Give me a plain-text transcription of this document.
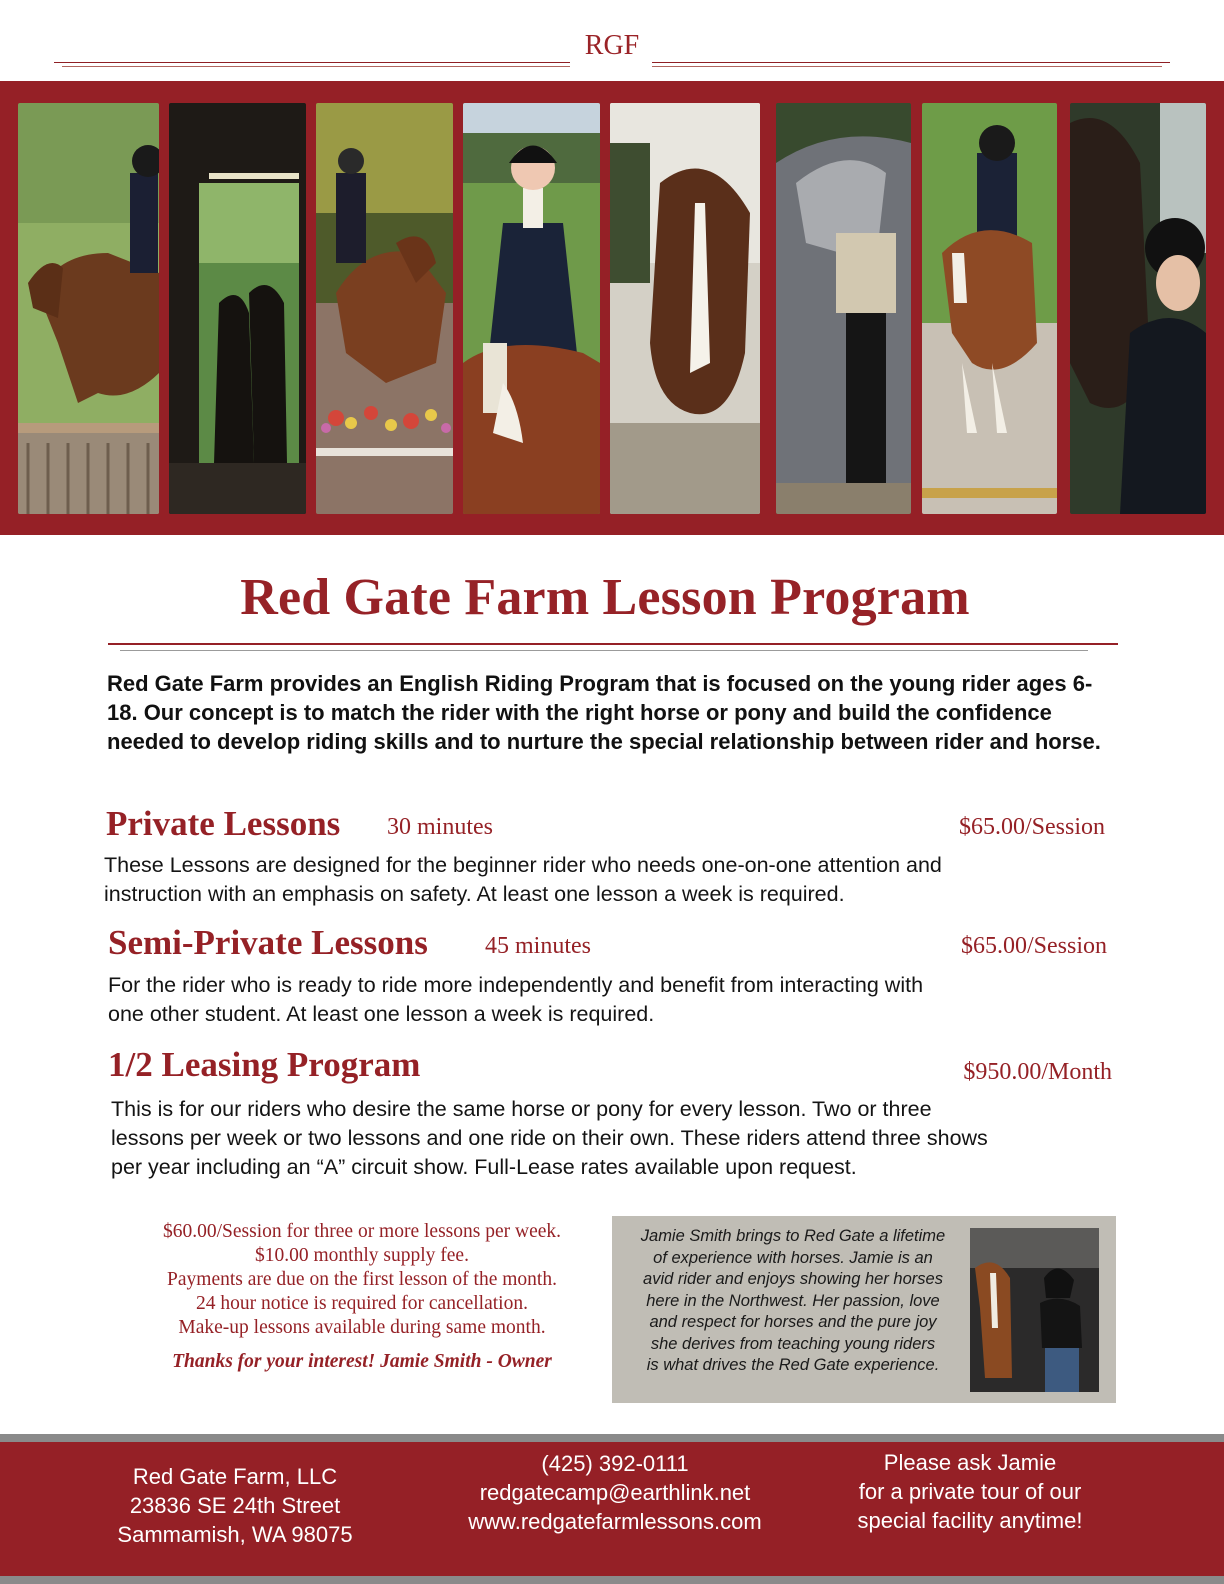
RGF
Red Gate Farm Lesson Program
Red Gate Farm provides an English Riding Program that is focused on the young rider ages 6-18. Our concept is to match the rider with the right horse or pony and build the confidence needed to develop riding skills and to nurture the special relationship between rider and horse.
Private Lessons 30 minutes	$65.00/Session
These Lessons are designed for the beginner rider who needs one-on-one attention and
instruction with an emphasis on safety. At least one lesson a week is required.
Semi-Private Lessons 45 minutes	$65.00/Session
For the rider who is ready to ride more independently and benefit from interacting with
one other student. At least one lesson a week is required.
1/2 Leasing Program	$950.00/Month
This is for our riders who desire the same horse or pony for every lesson. Two or three
lessons per week or two lessons and one ride on their own. These riders attend three shows
per year including an “A” circuit show. Full-Lease rates available upon request.
$60.00/Session for three or more lessons per week.
$10.00 monthly supply fee.
Payments are due on the first lesson of the month.
24 hour notice is required for cancellation.
Make-up lessons available during same month.
Thanks for your interest! Jamie Smith - Owner
Jamie Smith brings to Red Gate a lifetime
of experience with horses. Jamie is an
avid rider and enjoys showing her horses
here in the Northwest. Her passion, love
and respect for horses and the pure joy
she derives from teaching young riders
is what drives the Red Gate experience.
Red Gate Farm, LLC
23836 SE 24th Street
Sammamish, WA 98075
(425) 392-0111
redgatecamp@earthlink.net
www.redgatefarmlessons.com
Please ask Jamie
for a private tour of our
special facility anytime!
